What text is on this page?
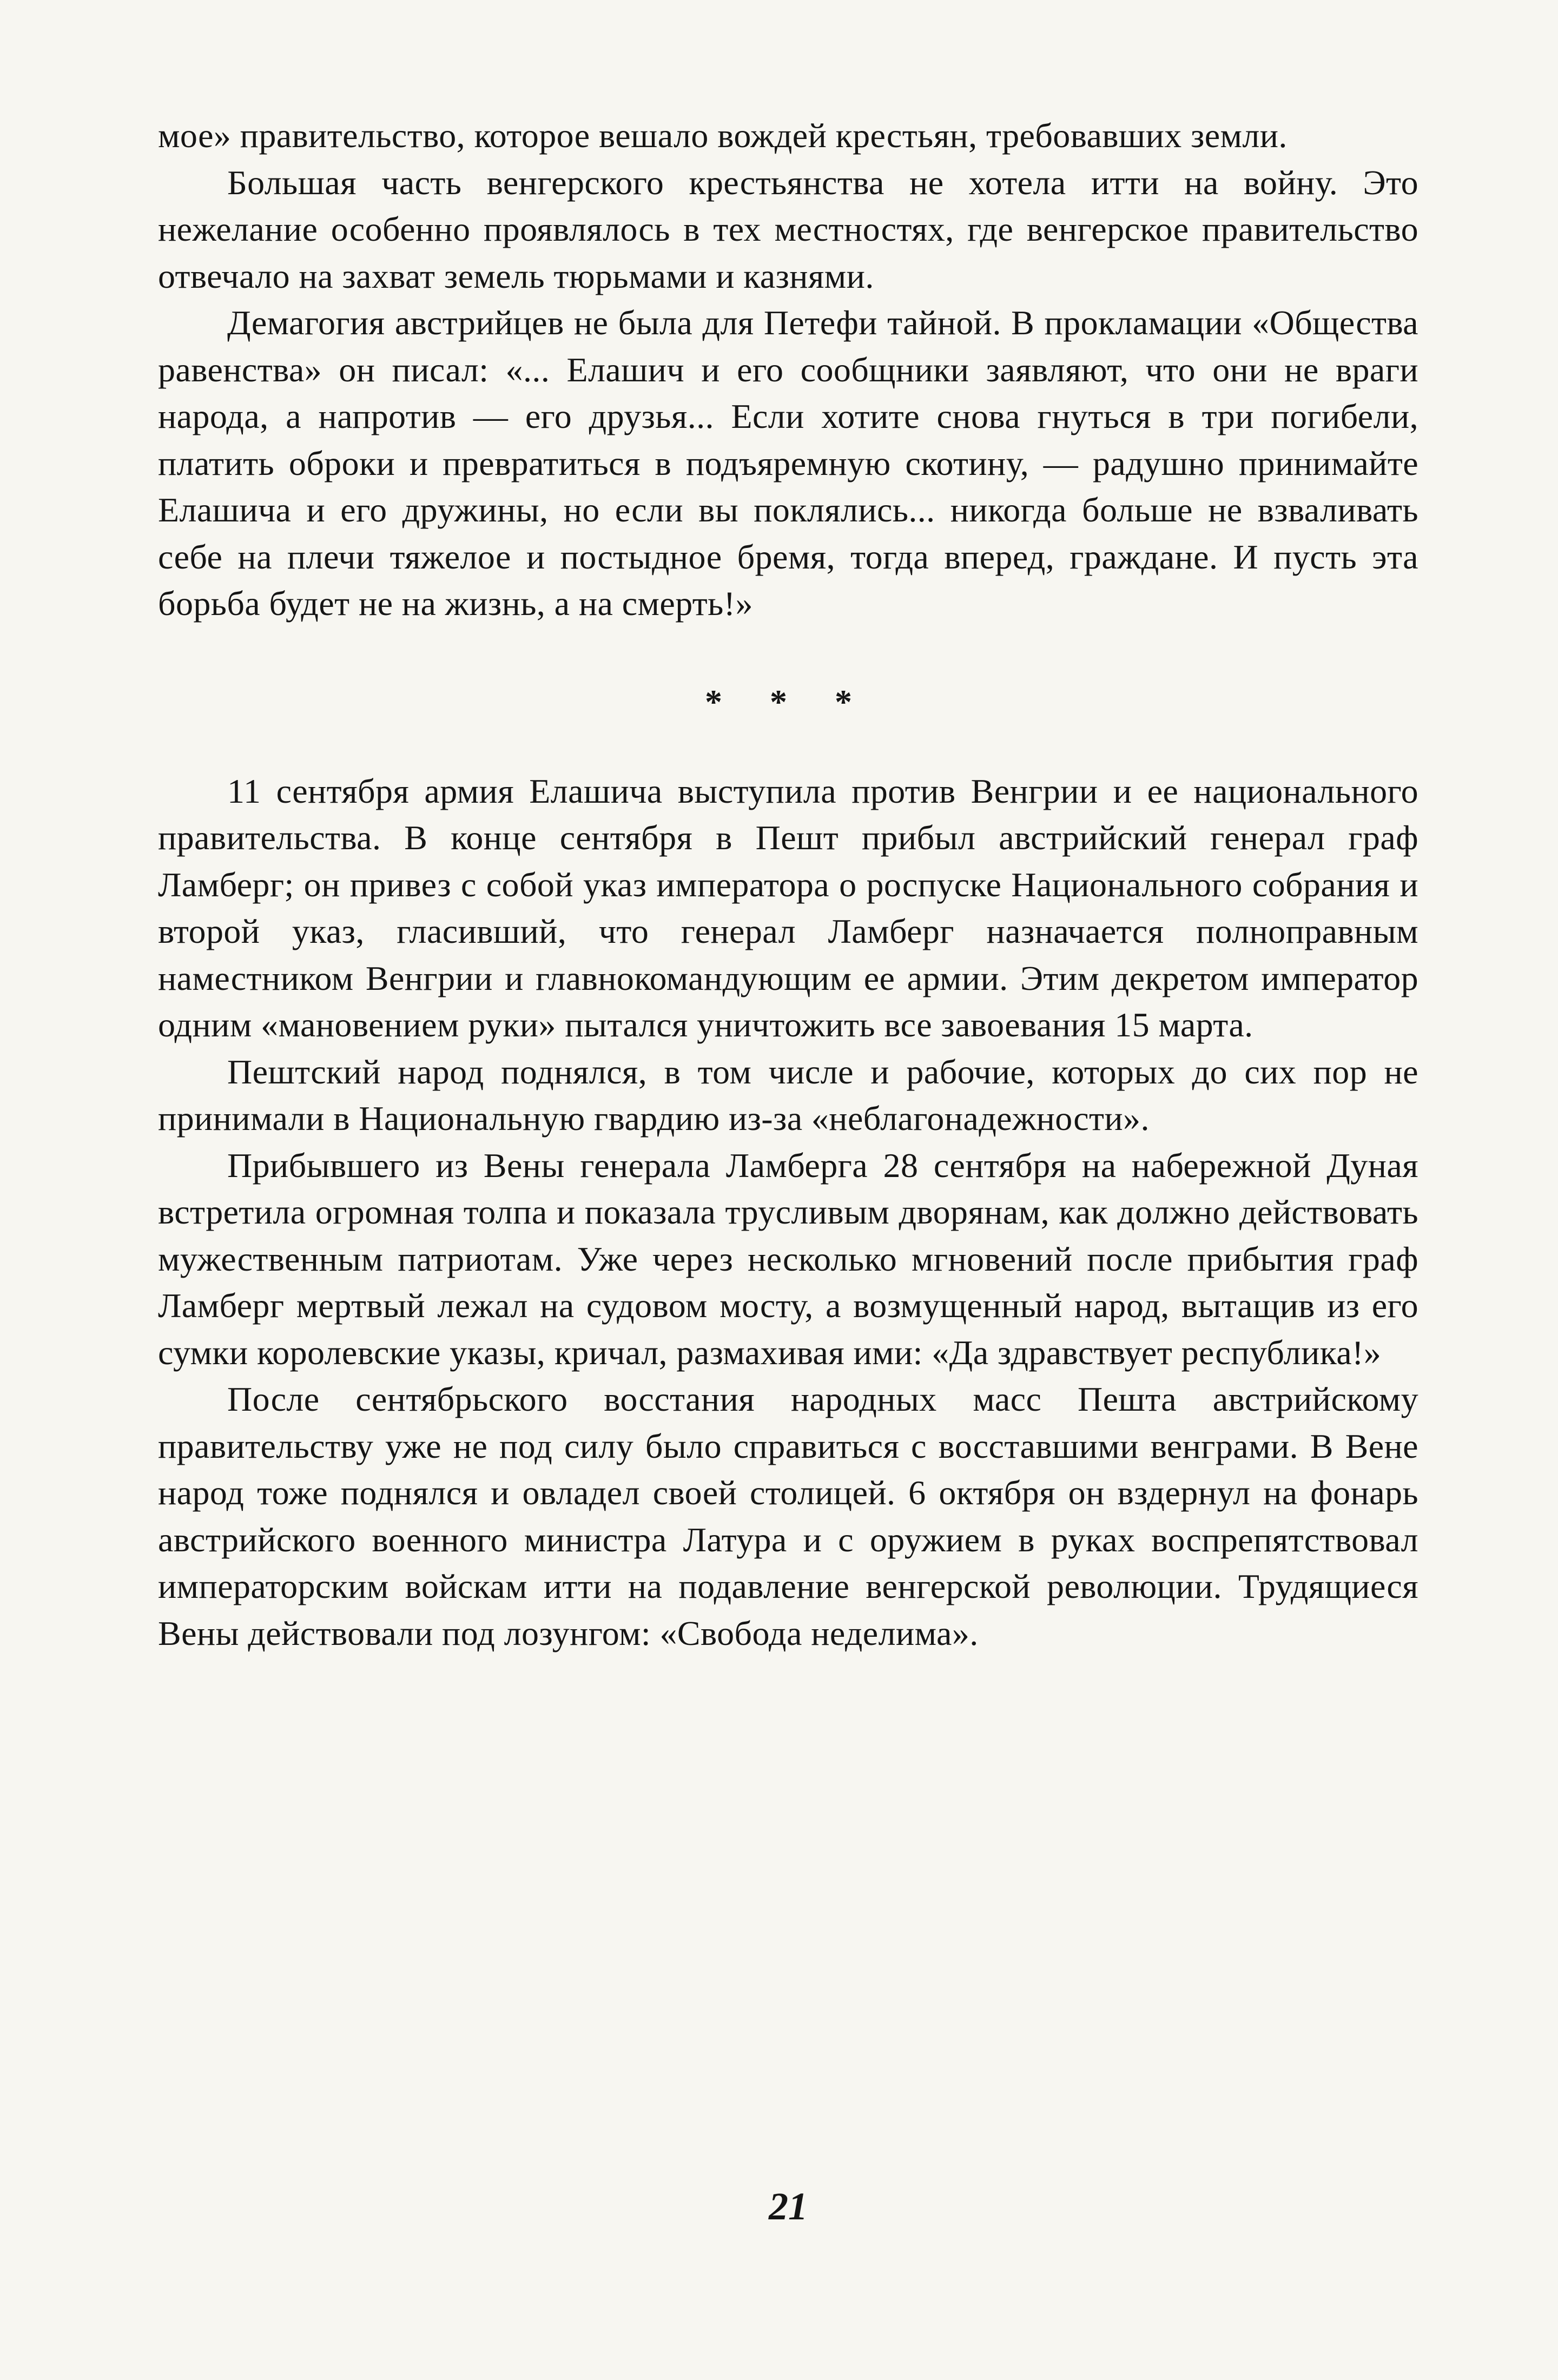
мое» правительство, которое вешало вождей крестьян, требовавших земли.

Большая часть венгерского крестьянства не хотела итти на войну. Это нежелание особенно проявлялось в тех местностях, где венгерское правительство отвечало на захват земель тюрьмами и казнями.

Демагогия австрийцев не была для Петефи тайной. В прокламации «Общества равенства» он писал: «... Елашич и его сообщники заявляют, что они не враги народа, а напротив — его друзья... Если хотите снова гнуться в три погибели, платить оброки и превратиться в подъяремную скотину, — радушно принимайте Елашича и его дружины, но если вы поклялись... никогда больше не взваливать себе на плечи тяжелое и постыдное бремя, тогда вперед, граждане. И пусть эта борьба будет не на жизнь, а на смерть!»

* * *

11 сентября армия Елашича выступила против Венгрии и ее национального правительства. В конце сентября в Пешт прибыл австрийский генерал граф Ламберг; он привез с собой указ императора о роспуске Национального собрания и второй указ, гласивший, что генерал Ламберг назначается полноправным наместником Венгрии и главнокомандующим ее армии. Этим декретом император одним «мановением руки» пытался уничтожить все завоевания 15 марта.

Пештский народ поднялся, в том числе и рабочие, которых до сих пор не принимали в Национальную гвардию из-за «неблагонадежности».

Прибывшего из Вены генерала Ламберга 28 сентября на набережной Дуная встретила огромная толпа и показала трусливым дворянам, как должно действовать мужественным патриотам. Уже через несколько мгновений после прибытия граф Ламберг мертвый лежал на судовом мосту, а возмущенный народ, вытащив из его сумки королевские указы, кричал, размахивая ими: «Да здравствует республика!»

После сентябрьского восстания народных масс Пешта австрийскому правительству уже не под силу было справиться с восставшими венграми. В Вене народ тоже поднялся и овладел своей столицей. 6 октября он вздернул на фонарь австрийского военного министра Латура и с оружием в руках воспрепятствовал императорским войскам итти на подавление венгерской революции. Трудящиеся Вены действовали под лозунгом: «Свобода неделима».

21
